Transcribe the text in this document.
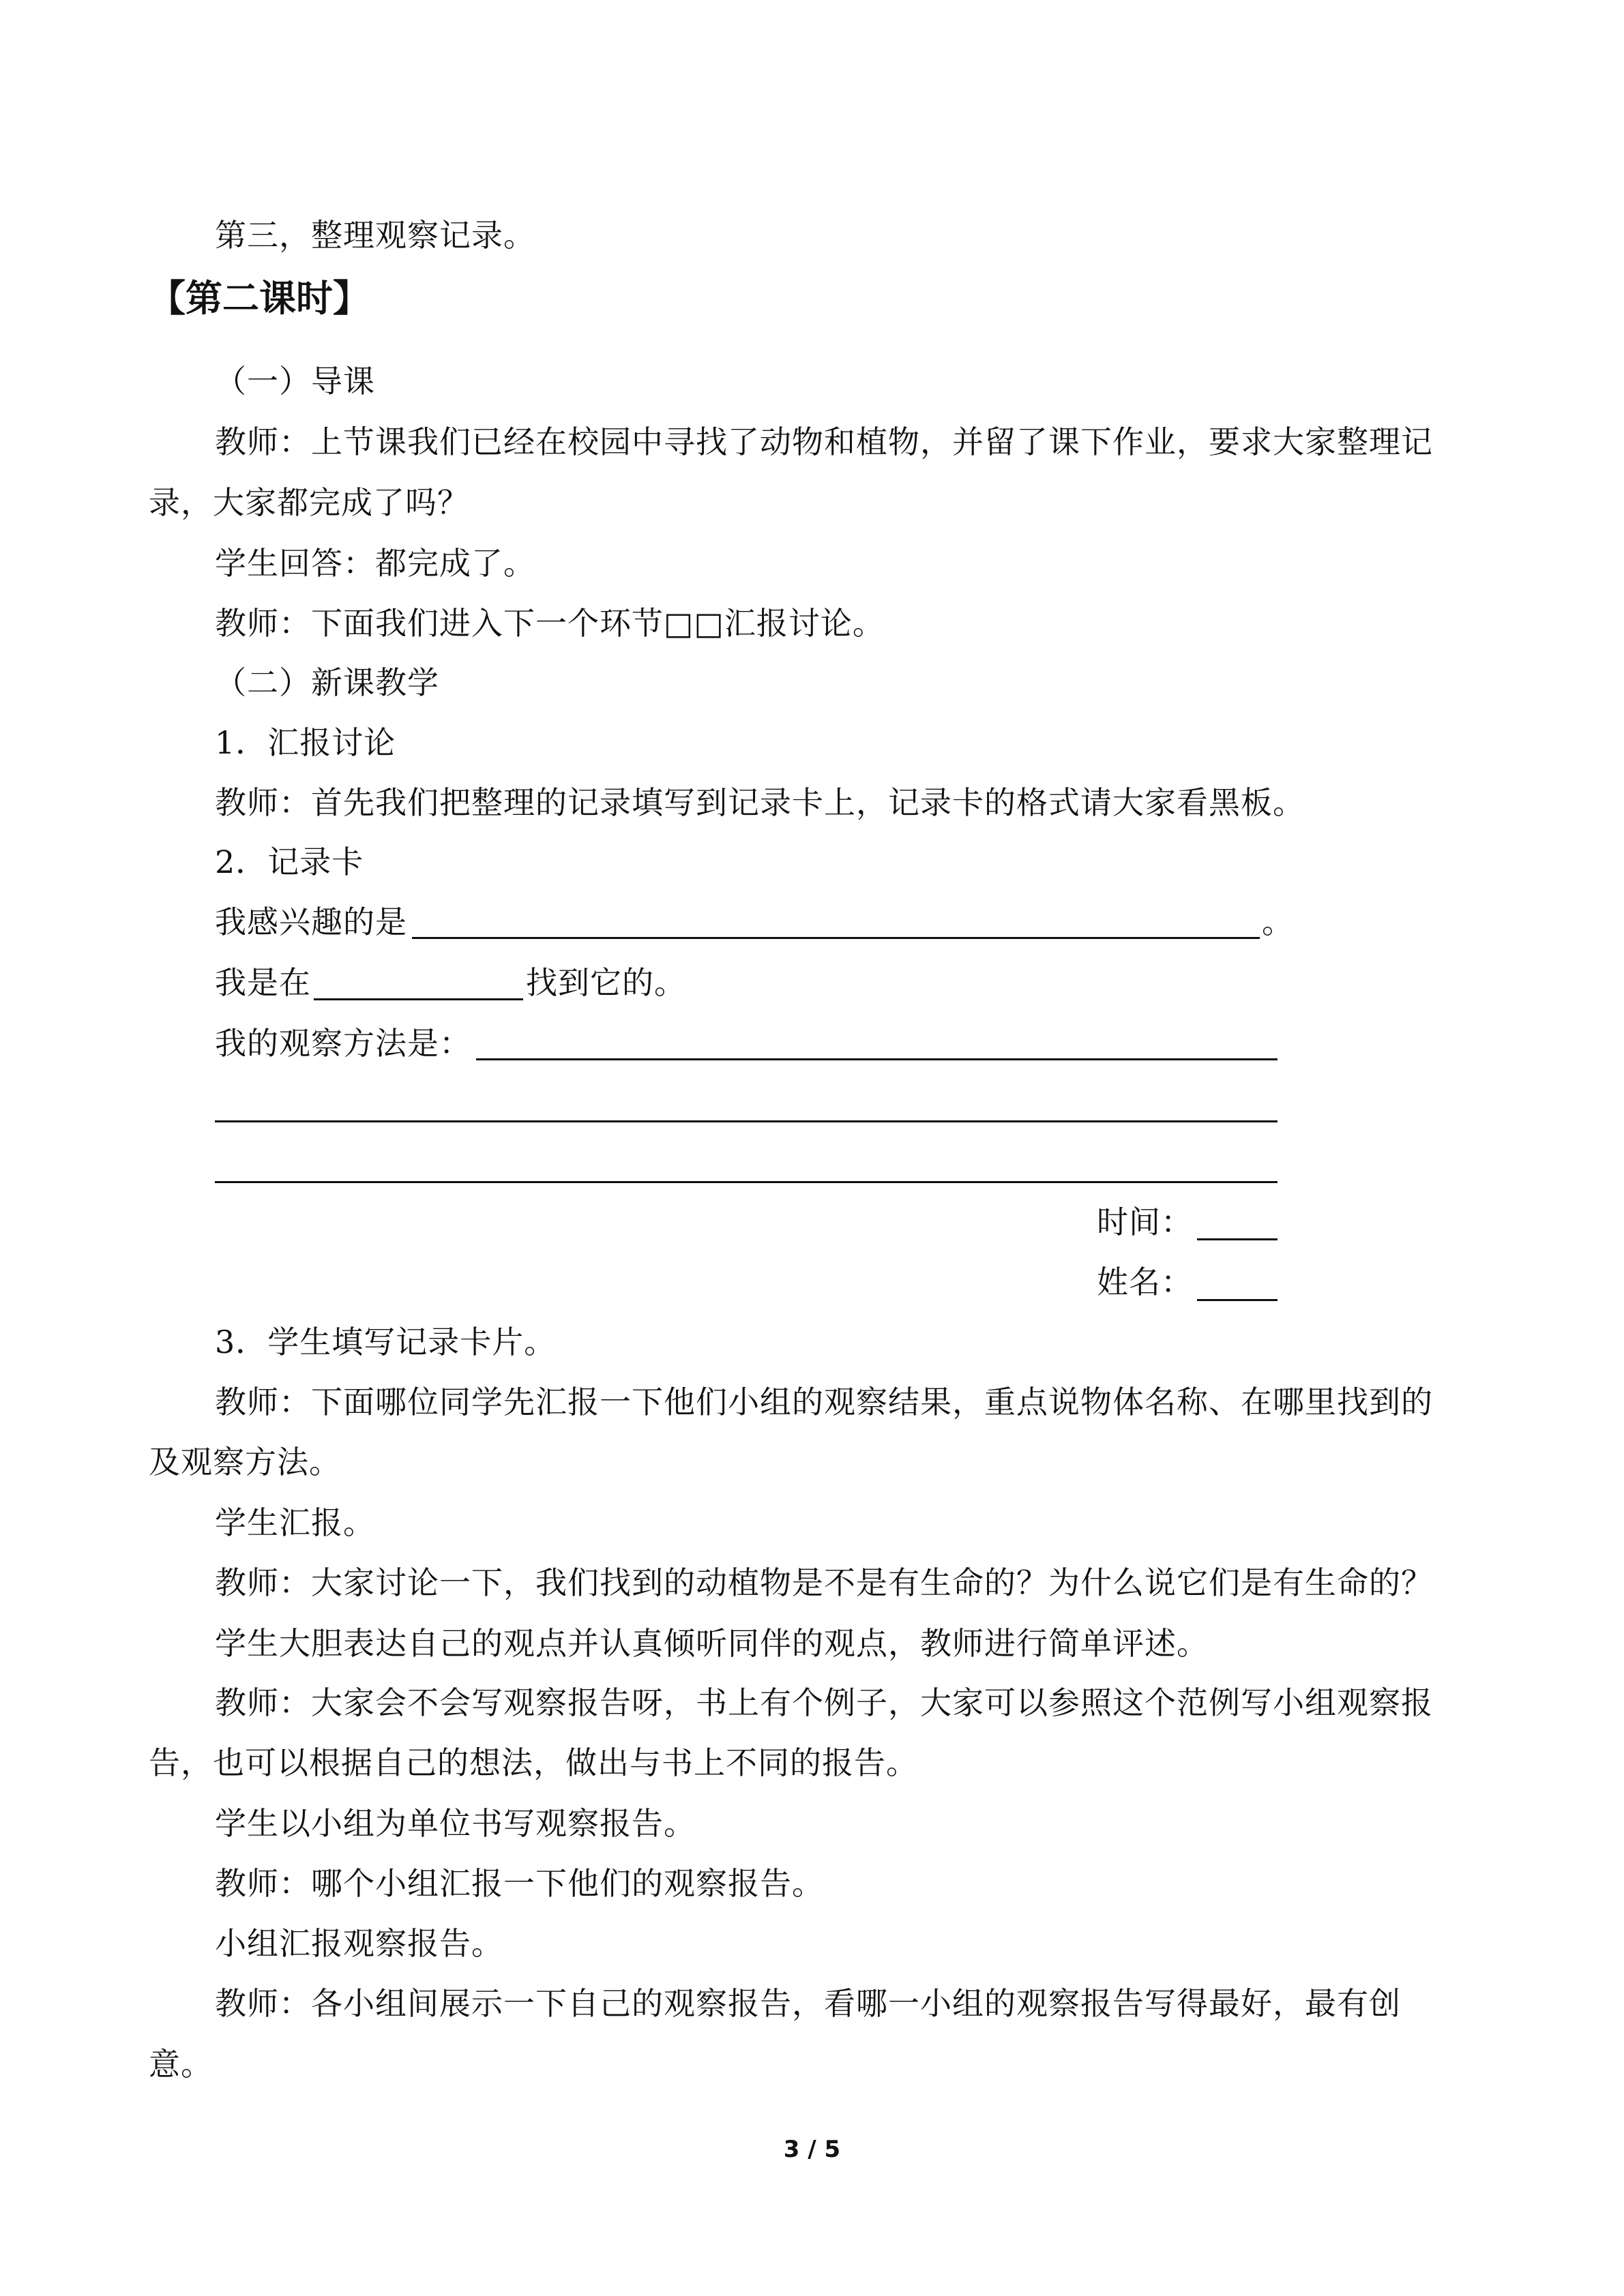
第三，整理观察记录。
【第二课时】
（一）导课
教师：上节课我们已经在校园中寻找了动物和植物，并留了课下作业，要求大家整理记
录，大家都完成了吗？
学生回答：都完成了。
教师：下面我们进入下一个环节□□汇报讨论。
（二）新课教学
1．汇报讨论
教师：首先我们把整理的记录填写到记录卡上，记录卡的格式请大家看黑板。
2．记录卡
我感兴趣的是	。
我是在	找到它的。
我的观察方法是：
时间：
姓名：
3．学生填写记录卡片。
教师：下面哪位同学先汇报一下他们小组的观察结果，重点说物体名称、在哪里找到的
及观察方法。
学生汇报。
教师：大家讨论一下，我们找到的动植物是不是有生命的？为什么说它们是有生命的？
学生大胆表达自己的观点并认真倾听同伴的观点，教师进行简单评述。
教师：大家会不会写观察报告呀，书上有个例子，大家可以参照这个范例写小组观察报
告，也可以根据自己的想法，做出与书上不同的报告。
学生以小组为单位书写观察报告。
教师：哪个小组汇报一下他们的观察报告。
小组汇报观察报告。
教师：各小组间展示一下自己的观察报告，看哪一小组的观察报告写得最好，最有创
意。
3 / 5
